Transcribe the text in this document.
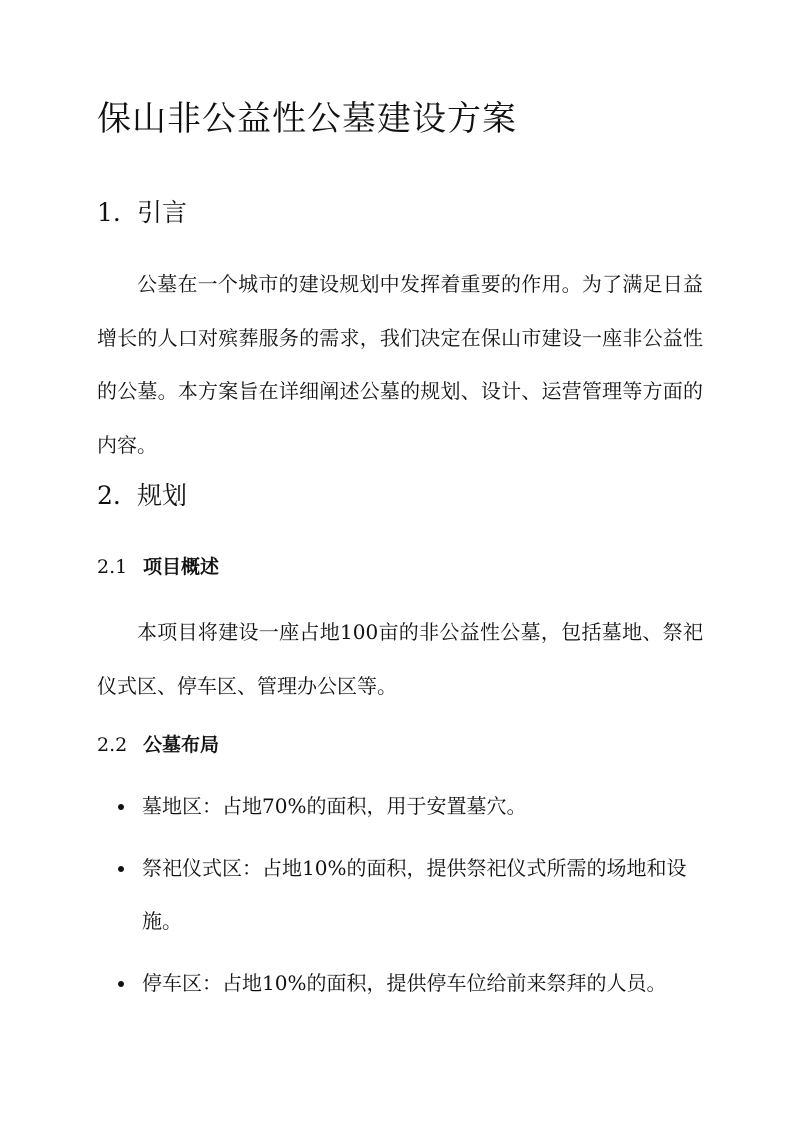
保山非公益性公墓建设方案
1. 引言

公墓在一个城市的建设规划中发挥着重要的作用。为了满足日益增长的人口对殡葬服务的需求，我们决定在保山市建设一座非公益性的公墓。本方案旨在详细阐述公墓的规划、设计、运营管理等方面的内容。

2. 规划
2.1 项目概述

本项目将建设一座占地100亩的非公益性公墓，包括墓地、祭祀仪式区、停车区、管理办公区等。

2.2 公墓布局
墓地区：占地70%的面积，用于安置墓穴。
祭祀仪式区：占地10%的面积，提供祭祀仪式所需的场地和设施。
停车区：占地10%的面积，提供停车位给前来祭拜的人员。
